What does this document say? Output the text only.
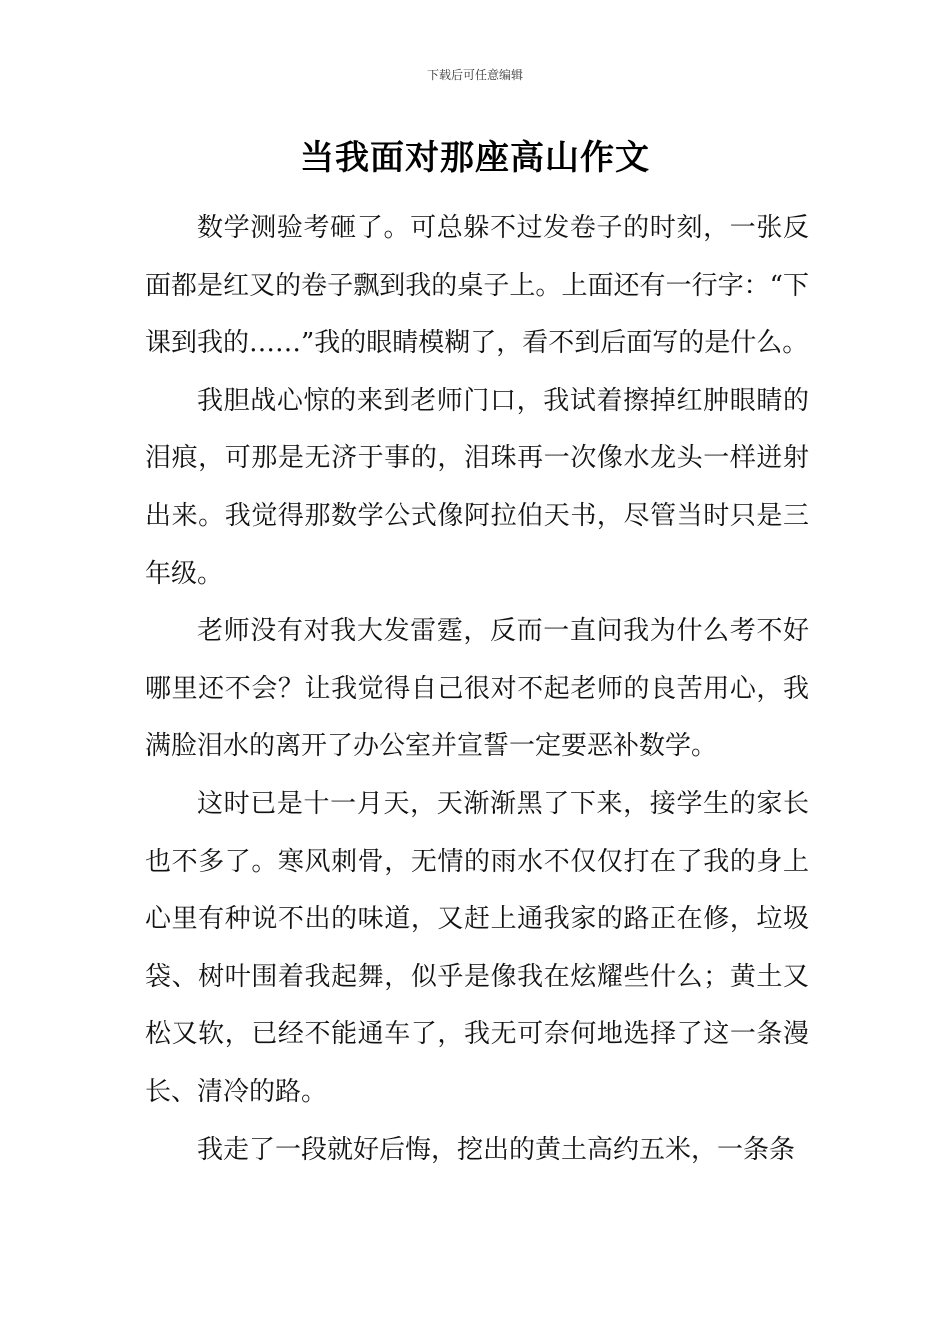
下载后可任意编辑
当我面对那座高山作文

数学测验考砸了。可总躲不过发卷子的时刻，一张反面都是红叉的卷子飘到我的桌子上。上面还有一行字：“下课到我的……”我的眼睛模糊了，看不到后面写的是什么。

我胆战心惊的来到老师门口，我试着擦掉红肿眼睛的泪痕，可那是无济于事的，泪珠再一次像水龙头一样迸射出来。我觉得那数学公式像阿拉伯天书，尽管当时只是三年级。

老师没有对我大发雷霆，反而一直问我为什么考不好哪里还不会？让我觉得自己很对不起老师的良苦用心，我满脸泪水的离开了办公室并宣誓一定要恶补数学。

这时已是十一月天，天渐渐黑了下来，接学生的家长也不多了。寒风刺骨，无情的雨水不仅仅打在了我的身上心里有种说不出的味道，又赶上通我家的路正在修，垃圾袋、树叶围着我起舞，似乎是像我在炫耀些什么；黄土又松又软，已经不能通车了，我无可奈何地选择了这一条漫长、清冷的路。

我走了一段就好后悔，挖出的黄土高约五米，一条条
